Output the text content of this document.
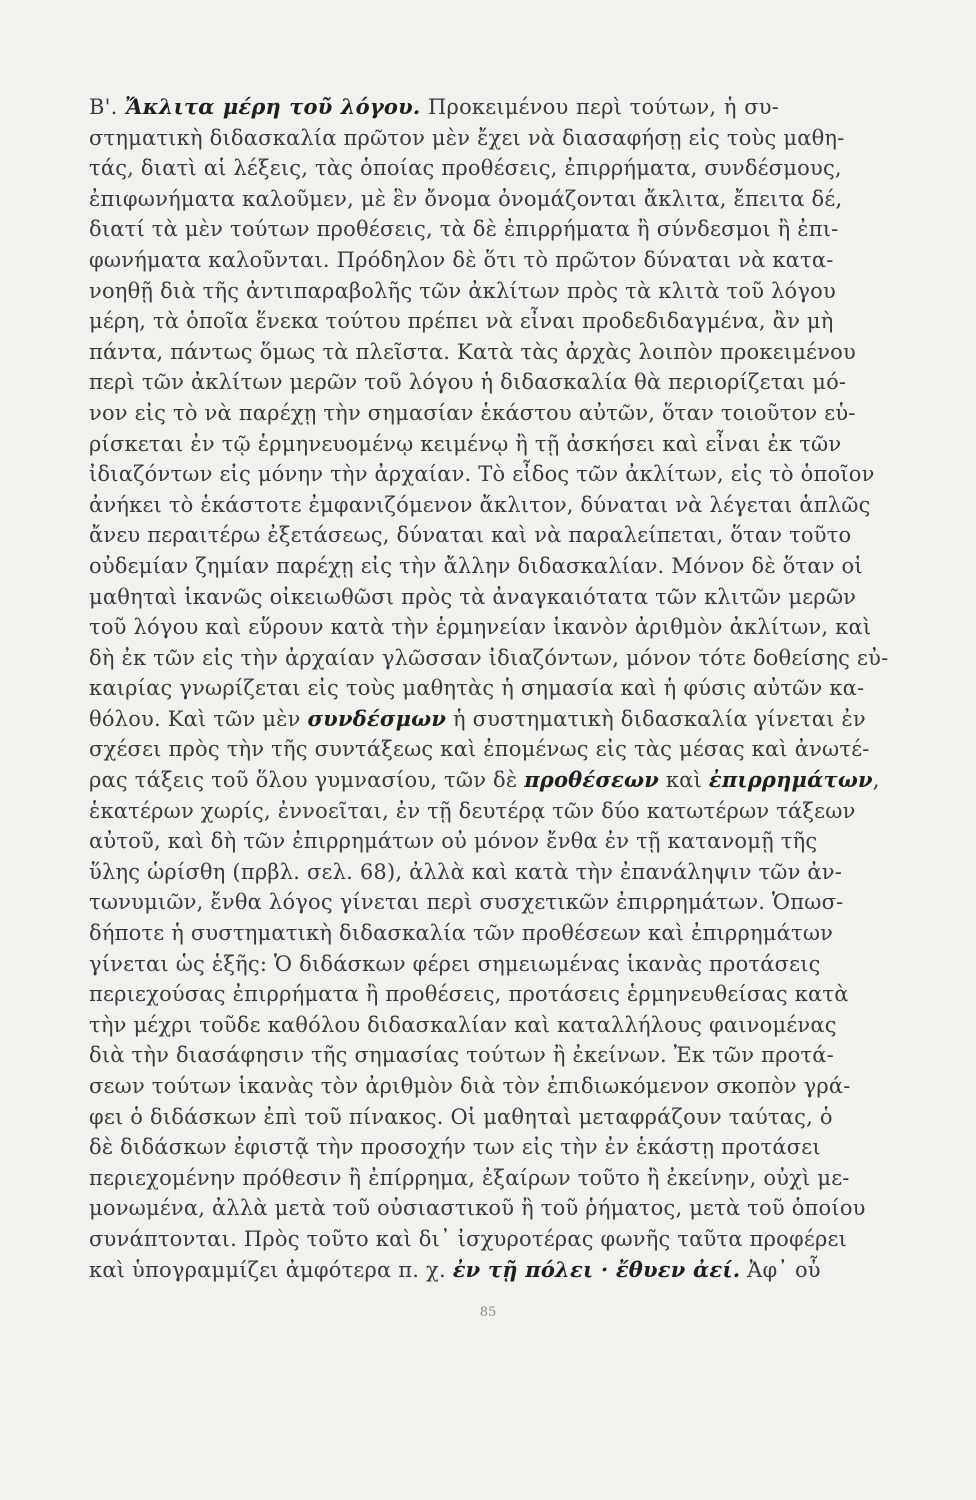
Β'. Ἄκλιτα μέρη τοῦ λόγου. Προκειμένου περὶ τούτων, ἡ συ-
στηματικὴ διδασκαλία πρῶτον μὲν ἔχει νὰ διασαφήσῃ εἰς τοὺς μαθη-
τάς, διατὶ αἱ λέξεις, τὰς ὁποίας προθέσεις, ἐπιρρήματα, συνδέσμους,
ἐπιφωνήματα καλοῦμεν, μὲ ἓν ὄνομα ὀνομάζονται ἄκλιτα, ἔπειτα δέ,
διατί τὰ μὲν τούτων προθέσεις, τὰ δὲ ἐπιρρήματα ἢ σύνδεσμοι ἢ ἐπι-
φωνήματα καλοῦνται. Πρόδηλον δὲ ὅτι τὸ πρῶτον δύναται νὰ κατα-
νοηθῇ διὰ τῆς ἀντιπαραβολῆς τῶν ἀκλίτων πρὸς τὰ κλιτὰ τοῦ λόγου
μέρη, τὰ ὁποῖα ἕνεκα τούτου πρέπει νὰ εἶναι προδεδιδαγμένα, ἂν μὴ
πάντα, πάντως ὅμως τὰ πλεῖστα. Κατὰ τὰς ἀρχὰς λοιπὸν προκειμένου
περὶ τῶν ἀκλίτων μερῶν τοῦ λόγου ἡ διδασκαλία θὰ περιορίζεται μό-
νον εἰς τὸ νὰ παρέχῃ τὴν σημασίαν ἑκάστου αὐτῶν, ὅταν τοιοῦτον εὑ-
ρίσκεται ἐν τῷ ἑρμηνευομένῳ κειμένῳ ἢ τῇ ἀσκήσει καὶ εἶναι ἐκ τῶν
ἰδιαζόντων εἰς μόνην τὴν ἀρχαίαν. Τὸ εἶδος τῶν ἀκλίτων, εἰς τὸ ὁποῖον
ἀνήκει τὸ ἑκάστοτε ἐμφανιζόμενον ἄκλιτον, δύναται νὰ λέγεται ἁπλῶς
ἄνευ περαιτέρω ἐξετάσεως, δύναται καὶ νὰ παραλείπεται, ὅταν τοῦτο
οὐδεμίαν ζημίαν παρέχῃ εἰς τὴν ἄλλην διδασκαλίαν. Μόνον δὲ ὅταν οἱ
μαθηταὶ ἱκανῶς οἰκειωθῶσι πρὸς τὰ ἀναγκαιότατα τῶν κλιτῶν μερῶν
τοῦ λόγου καὶ εὕρουν κατὰ τὴν ἑρμηνείαν ἱκανὸν ἀριθμὸν ἀκλίτων, καὶ
δὴ ἐκ τῶν εἰς τὴν ἀρχαίαν γλῶσσαν ἰδιαζόντων, μόνον τότε δοθείσης εὐ-
καιρίας γνωρίζεται εἰς τοὺς μαθητὰς ἡ σημασία καὶ ἡ φύσις αὐτῶν κα-
θόλου. Καὶ τῶν μὲν συνδέσμων ἡ συστηματικὴ διδασκαλία γίνεται ἐν
σχέσει πρὸς τὴν τῆς συντάξεως καὶ ἐπομένως εἰς τὰς μέσας καὶ ἀνωτέ-
ρας τάξεις τοῦ ὅλου γυμνασίου, τῶν δὲ προθέσεων καὶ ἐπιρρημάτων,
ἑκατέρων χωρίς, ἐννοεῖται, ἐν τῇ δευτέρᾳ τῶν δύο κατωτέρων τάξεων
αὐτοῦ, καὶ δὴ τῶν ἐπιρρημάτων οὐ μόνον ἔνθα ἐν τῇ κατανομῇ τῆς
ὕλης ὡρίσθη (πρβλ. σελ. 68), ἀλλὰ καὶ κατὰ τὴν ἐπανάληψιν τῶν ἀν-
τωνυμιῶν, ἔνθα λόγος γίνεται περὶ συσχετικῶν ἐπιρρημάτων. Ὁπωσ-
δήποτε ἡ συστηματικὴ διδασκαλία τῶν προθέσεων καὶ ἐπιρρημάτων
γίνεται ὡς ἑξῆς: Ὁ διδάσκων φέρει σημειωμένας ἱκανὰς προτάσεις
περιεχούσας ἐπιρρήματα ἢ προθέσεις, προτάσεις ἑρμηνευθείσας κατὰ
τὴν μέχρι τοῦδε καθόλου διδασκαλίαν καὶ καταλλήλους φαινομένας
διὰ τὴν διασάφησιν τῆς σημασίας τούτων ἢ ἐκείνων. Ἐκ τῶν προτά-
σεων τούτων ἱκανὰς τὸν ἀριθμὸν διὰ τὸν ἐπιδιωκόμενον σκοπὸν γρά-
φει ὁ διδάσκων ἐπὶ τοῦ πίνακος. Οἱ μαθηταὶ μεταφράζουν ταύτας, ὁ
δὲ διδάσκων ἐφιστᾷ τὴν προσοχήν των εἰς τὴν ἐν ἑκάστῃ προτάσει
περιεχομένην πρόθεσιν ἢ ἐπίρρημα, ἐξαίρων τοῦτο ἢ ἐκείνην, οὐχὶ με-
μονωμένα, ἀλλὰ μετὰ τοῦ οὐσιαστικοῦ ἢ τοῦ ῥήματος, μετὰ τοῦ ὁποίου
συνάπτονται. Πρὸς τοῦτο καὶ δι᾽ ἰσχυροτέρας φωνῆς ταῦτα προφέρει
καὶ ὑπογραμμίζει ἀμφότερα π. χ. ἐν τῇ πόλει · ἔθυεν ἀεί. Ἀφ᾽ οὗ
85
